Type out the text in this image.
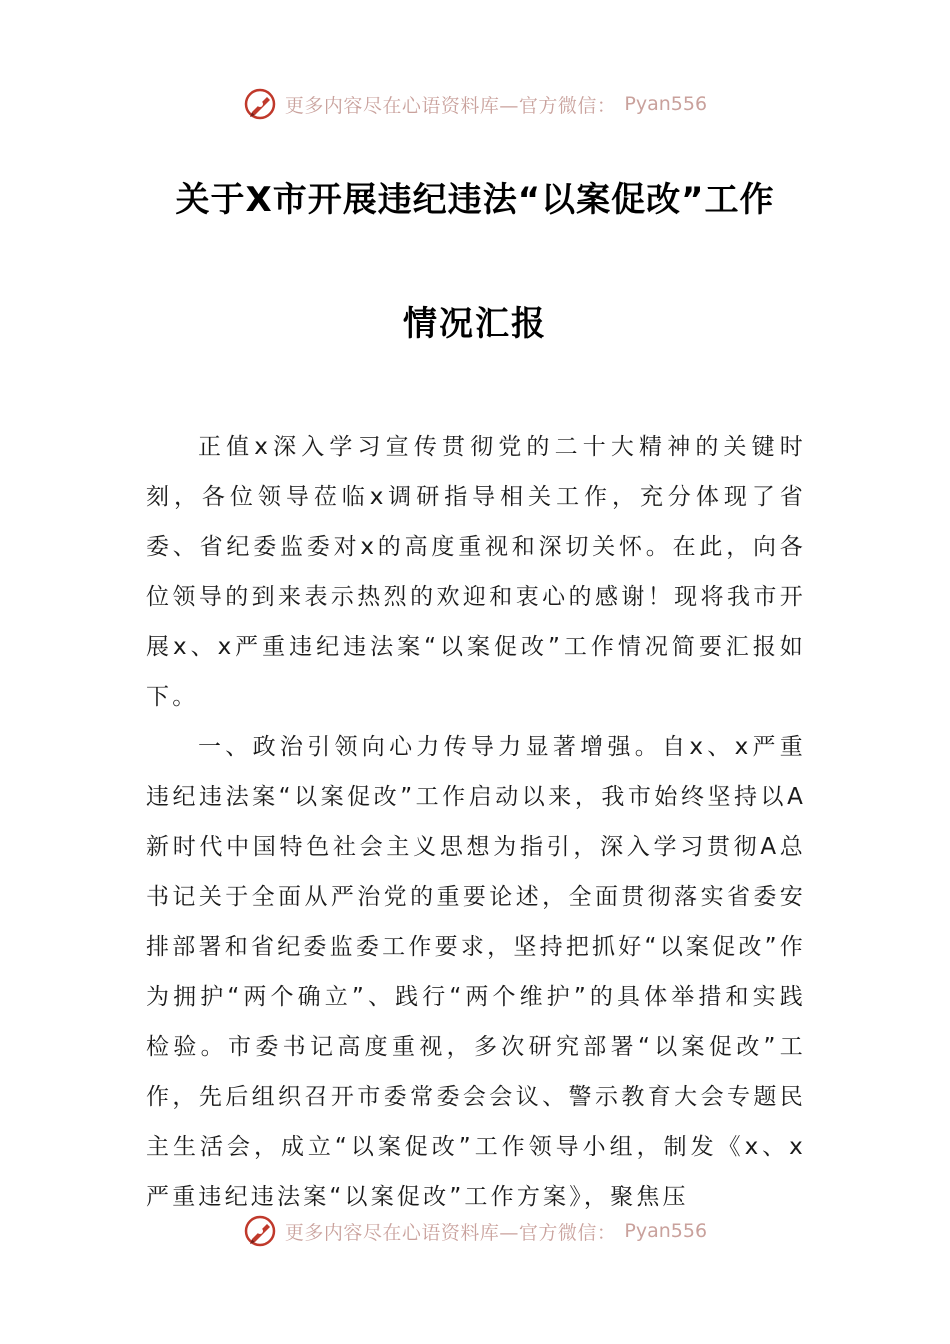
更多内容尽在心语资料库—官方微信： Pyan556
关于X市开展违纪违法“以案促改”工作
情况汇报

正值x深入学习宣传贯彻党的二十大精神的关键时刻，各位领导莅临x调研指导相关工作，充分体现了省委、省纪委监委对x的高度重视和深切关怀。在此，向各位领导的到来表示热烈的欢迎和衷心的感谢！现将我市开展x、x严重违纪违法案“以案促改”工作情况简要汇报如下。

一、政治引领向心力传导力显著增强。自x、x严重违纪违法案“以案促改”工作启动以来，我市始终坚持以A新时代中国特色社会主义思想为指引，深入学习贯彻A总书记关于全面从严治党的重要论述，全面贯彻落实省委安排部署和省纪委监委工作要求，坚持把抓好“以案促改”作为拥护“两个确立”、践行“两个维护”的具体举措和实践检验。市委书记高度重视，多次研究部署“以案促改”工作，先后组织召开市委常委会会议、警示教育大会专题民主生活会，成立“以案促改”工作领导小组，制发《x、x严重违纪违法案“以案促改”工作方案》，聚焦压

更多内容尽在心语资料库—官方微信： Pyan556
